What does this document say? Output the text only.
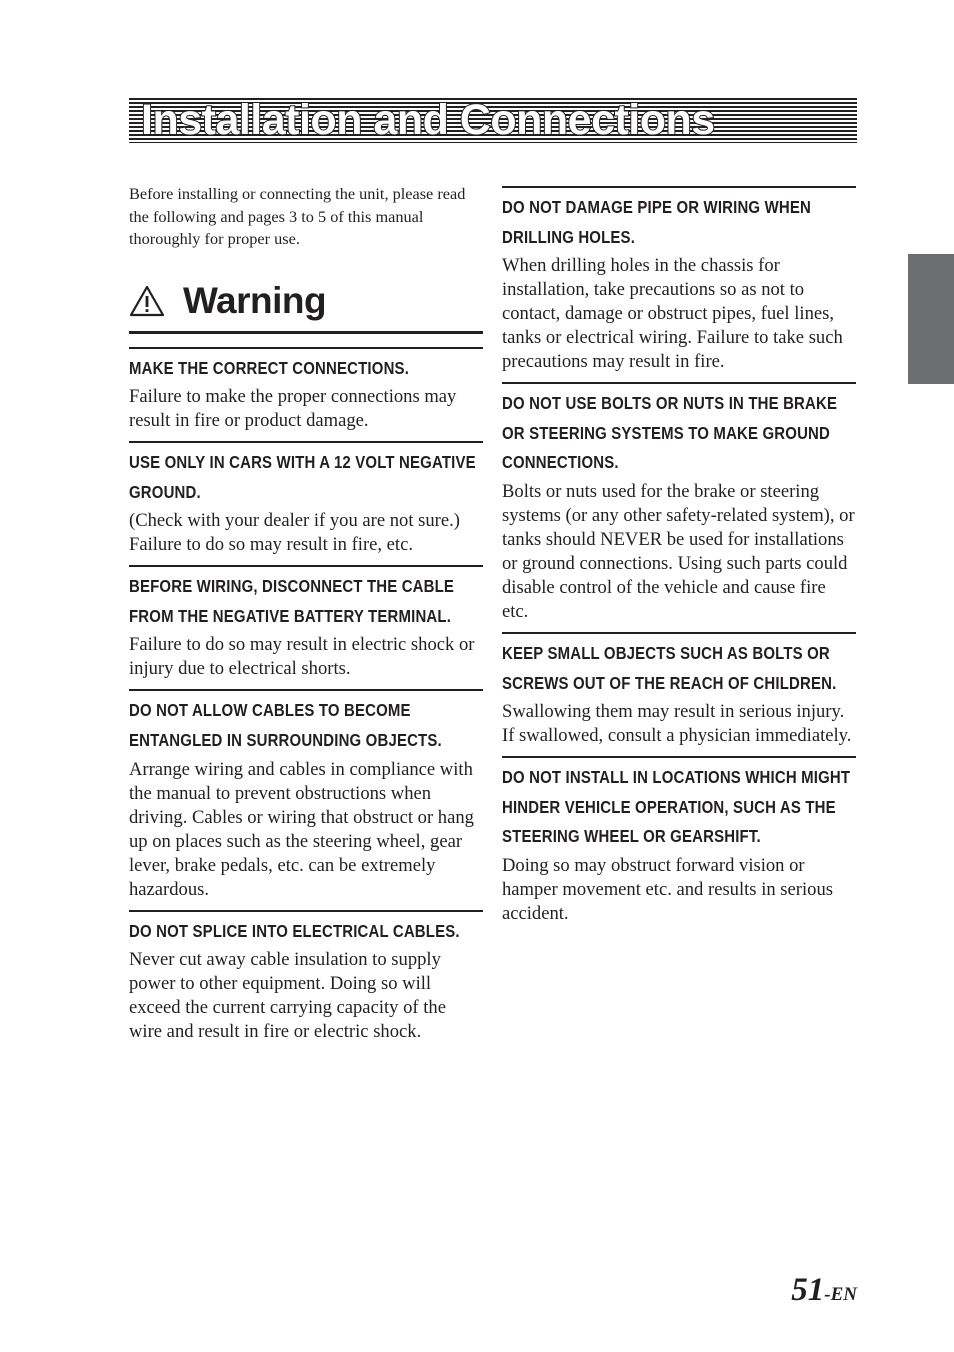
Installation and Connections

Before installing or connecting the unit, please read the following and pages 3 to 5 of this manual thoroughly for proper use.

Warning
MAKE THE CORRECT CONNECTIONS.
Failure to make the proper connections may result in fire or product damage.
USE ONLY IN CARS WITH A 12 VOLT NEGATIVE GROUND.
(Check with your dealer if you are not sure.) Failure to do so may result in fire, etc.
BEFORE WIRING, DISCONNECT THE CABLE FROM THE NEGATIVE BATTERY TERMINAL.
Failure to do so may result in electric shock or injury due to electrical shorts.
DO NOT ALLOW CABLES TO BECOME ENTANGLED IN SURROUNDING OBJECTS.
Arrange wiring and cables in compliance with the manual to prevent obstructions when driving. Cables or wiring that obstruct or hang up on places such as the steering wheel, gear lever, brake pedals, etc. can be extremely hazardous.
DO NOT SPLICE INTO ELECTRICAL CABLES.
Never cut away cable insulation to supply power to other equipment. Doing so will exceed the current carrying capacity of the wire and result in fire or electric shock.
DO NOT DAMAGE PIPE OR WIRING WHEN DRILLING HOLES.
When drilling holes in the chassis for installation, take precautions so as not to contact, damage or obstruct pipes, fuel lines, tanks or electrical wiring. Failure to take such precautions may result in fire.
DO NOT USE BOLTS OR NUTS IN THE BRAKE OR STEERING SYSTEMS TO MAKE GROUND CONNECTIONS.
Bolts or nuts used for the brake or steering systems (or any other safety-related system), or tanks should NEVER be used for installations or ground connections. Using such parts could disable control of the vehicle and cause fire etc.
KEEP SMALL OBJECTS SUCH AS BOLTS OR SCREWS OUT OF THE REACH OF CHILDREN.
Swallowing them may result in serious injury. If swallowed, consult a physician immediately.
DO NOT INSTALL IN LOCATIONS WHICH MIGHT HINDER VEHICLE OPERATION, SUCH AS THE STEERING WHEEL OR GEARSHIFT.
Doing so may obstruct forward vision or hamper movement etc. and results in serious accident.
51-EN
